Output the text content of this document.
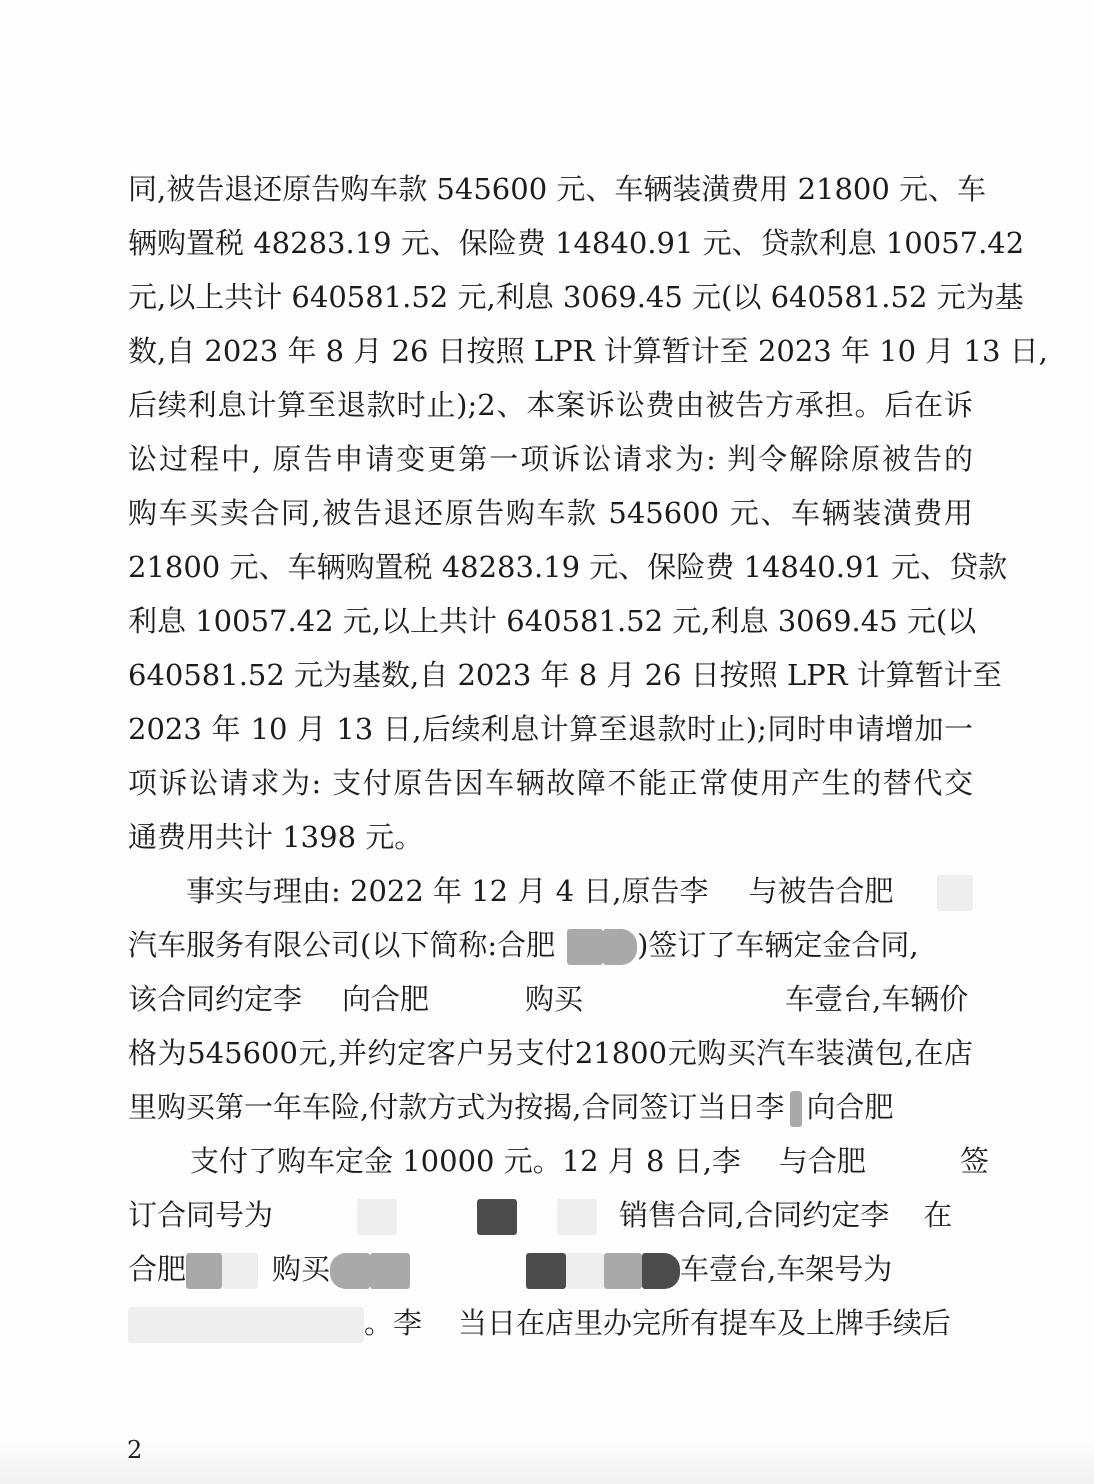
同,被告退还原告购车款 545600 元、车辆装潢费用 21800 元、车
辆购置税 48283.19 元、保险费 14840.91 元、贷款利息 10057.42
元,以上共计 640581.52 元,利息 3069.45 元(以 640581.52 元为基
数,自 2023 年 8 月 26 日按照 LPR 计算暂计至 2023 年 10 月 13 日,
后续利息计算至退款时止);2、本案诉讼费由被告方承担。后在诉
讼过程中, 原告申请变更第一项诉讼请求为: 判令解除原被告的
购车买卖合同,被告退还原告购车款 545600 元、车辆装潢费用
21800 元、车辆购置税 48283.19 元、保险费 14840.91 元、贷款
利息 10057.42 元,以上共计 640581.52 元,利息 3069.45 元(以
640581.52 元为基数,自 2023 年 8 月 26 日按照 LPR 计算暂计至
2023 年 10 月 13 日,后续利息计算至退款时止);同时申请增加一
项诉讼请求为: 支付原告因车辆故障不能正常使用产生的替代交
通费用共计 1398 元。
事实与理由: 2022 年 12 月 4 日,原告李 与被告合肥
汽车服务有限公司(以下简称:合肥	)签订了车辆定金合同,
该合同约定李 向合肥	购买	车壹台,车辆价
格为545600元,并约定客户另支付21800元购买汽车装潢包,在店
里购买第一年车险,付款方式为按揭,合同签订当日李 向合肥
支付了购车定金 10000 元。12 月 8 日,李 与合肥	签
订合同号为	销售合同,合同约定李 在
合肥	购买	车壹台,车架号为
。李 当日在店里办完所有提车及上牌手续后
2
